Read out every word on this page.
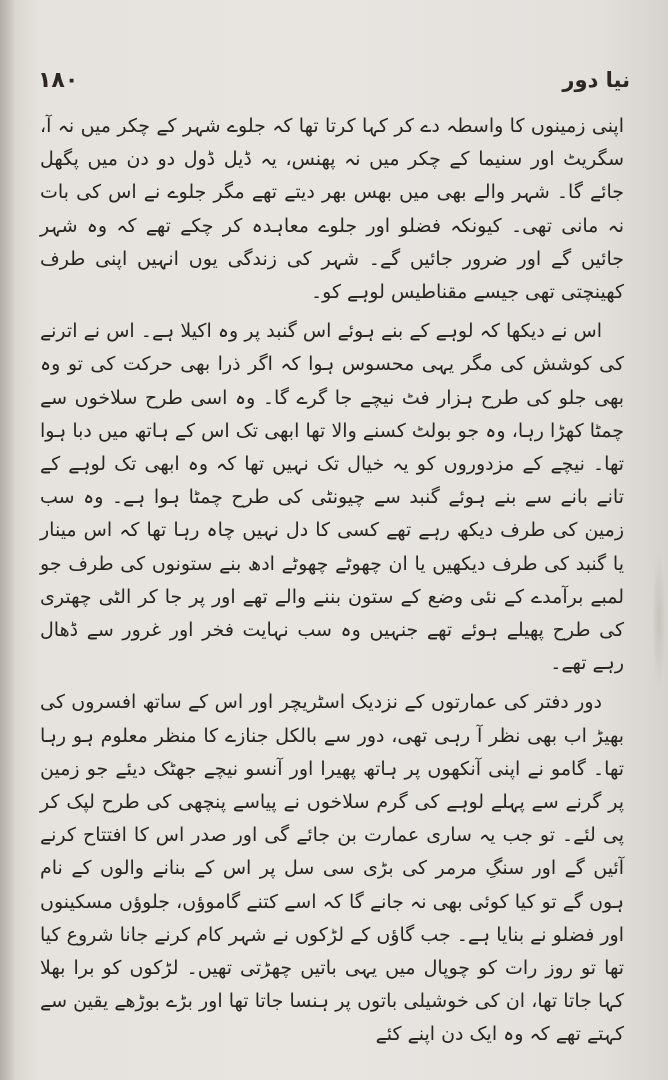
۱۸۰	نیا دور

اپنی زمینوں کا واسطہ دے کر کہا کرتا تھا کہ جلوے شہر کے چکر میں نہ آ، سگریٹ اور سنیما کے چکر میں نہ پھنس، یہ ڈیل ڈول دو دن میں پگھل جائے گا۔ شہر والے بھی میں بھس بھر دیتے تھے مگر جلوے نے اس کی بات نہ مانی تھی۔ کیونکہ فضلو اور جلوے معاہدہ کر چکے تھے کہ وہ شہر جائیں گے اور ضرور جائیں گے۔ شہر کی زندگی یوں انہیں اپنی طرف کھینچتی تھی جیسے مقناطیس لوہے کو۔

اس نے دیکھا کہ لوہے کے بنے ہوئے اس گنبد پر وہ اکیلا ہے۔ اس نے اترنے کی کوشش کی مگر یہی محسوس ہوا کہ اگر ذرا بھی حرکت کی تو وہ بھی جلو کی طرح ہزار فٹ نیچے جا گرے گا۔ وہ اسی طرح سلاخوں سے چمٹا کھڑا رہا، وہ جو بولٹ کسنے والا تھا ابھی تک اس کے ہاتھ میں دبا ہوا تھا۔ نیچے کے مزدوروں کو یہ خیال تک نہیں تھا کہ وہ ابھی تک لوہے کے تانے بانے سے بنے ہوئے گنبد سے چیونٹی کی طرح چمٹا ہوا ہے۔ وہ سب زمین کی طرف دیکھ رہے تھے کسی کا دل نہیں چاہ رہا تھا کہ اس مینار یا گنبد کی طرف دیکھیں یا ان چھوٹے چھوٹے ادھ بنے ستونوں کی طرف جو لمبے برآمدے کے نئی وضع کے ستون بننے والے تھے اور پر جا کر الٹی چھتری کی طرح پھیلے ہوئے تھے جنہیں وہ سب نہایت فخر اور غرور سے ڈھال رہے تھے۔

دور دفتر کی عمارتوں کے نزدیک اسٹریچر اور اس کے ساتھ افسروں کی بھیڑ اب بھی نظر آ رہی تھی، دور سے بالکل جنازے کا منظر معلوم ہو رہا تھا۔ گامو نے اپنی آنکھوں پر ہاتھ پھیرا اور آنسو نیچے جھٹک دیئے جو زمین پر گرنے سے پہلے لوہے کی گرم سلاخوں نے پیاسے پنچھی کی طرح لپک کر پی لئے۔ تو جب یہ ساری عمارت بن جائے گی اور صدر اس کا افتتاح کرنے آئیں گے اور سنگِ مرمر کی بڑی سی سل پر اس کے بنانے والوں کے نام ہوں گے تو کیا کوئی بھی نہ جانے گا کہ اسے کتنے گاموؤں، جلوؤں مسکینوں اور فضلو نے بنایا ہے۔ جب گاؤں کے لڑکوں نے شہر کام کرنے جانا شروع کیا تھا تو روز رات کو چوپال میں یہی باتیں چھڑتی تھیں۔ لڑکوں کو برا بھلا کہا جاتا تھا، ان کی خوشیلی باتوں پر ہنسا جاتا تھا اور بڑے بوڑھے یقین سے کہتے تھے کہ وہ ایک دن اپنے کئے
